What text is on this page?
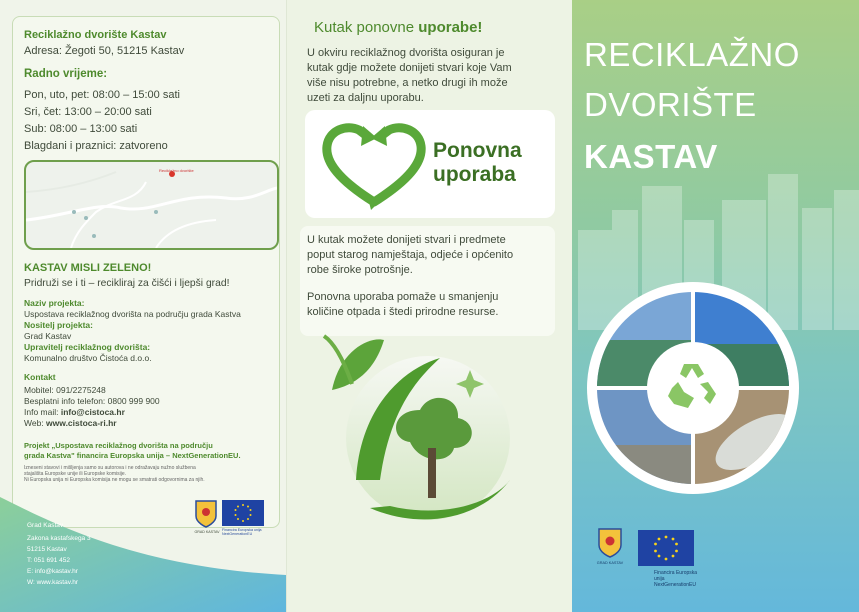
Reciklažno dvorište Kastav
Adresa: Žegoti 50, 51215 Kastav
Radno vrijeme:
Pon, uto, pet: 08:00 – 15:00 sati
Sri, čet: 13:00 – 20:00 sati
Sub: 08:00 – 13:00 sati
Blagdani i praznici: zatvoreno
Reciklažno dvorište
KASTAV MISLI ZELENO!
Pridruži se i ti – recikliraj za čišći i ljepši grad!
Naziv projekta:
Uspostava reciklažnog dvorišta na području grada Kastva
Nositelj projekta:
Grad Kastav
Upravitelj reciklažnog dvorišta:
Komunalno društvo Čistoća d.o.o.
Kontakt
Mobitel: 091/2275248
Besplatni info telefon: 0800 999 900
Info mail: info@cistoca.hr
Web: www.cistoca-ri.hr
Projekt „Uspostava reciklažnog dvorišta na području
grada Kastva" financira Europska unija – NextGenerationEU.
Izneseni stavovi i mišljenja samo su autorova i ne odražavaju nužno službena
stajališta Europske unije ili Europske komisije.
Ni Europska unija ni Europska komisija ne mogu se smatrati odgovornima za njih.
Grad Kastav
Zakona kastafskega 3
51215 Kastav
T: 051 691 452
E: info@kastav.hr
W: www.kastav.hr
GRAD KASTAV Financira Europska unija NextGenerationEU
Kutak ponovne uporabe!
U okviru reciklažnog dvorišta osiguran je
kutak gdje možete donijeti stvari koje Vam
više nisu potrebne, a netko drugi ih može
uzeti za daljnu uporabu.
Ponovna
uporaba
U kutak možete donijeti stvari i predmete
poput starog namještaja, odjeće i općenito
robe široke potrošnje.
Ponovna uporaba pomaže u smanjenju
količine otpada i štedi prirodne resurse.
RECIKLAŽNO
DVORIŠTE
KASTAV
GRAD KASTAV
Financira Europska unija NextGenerationEU
